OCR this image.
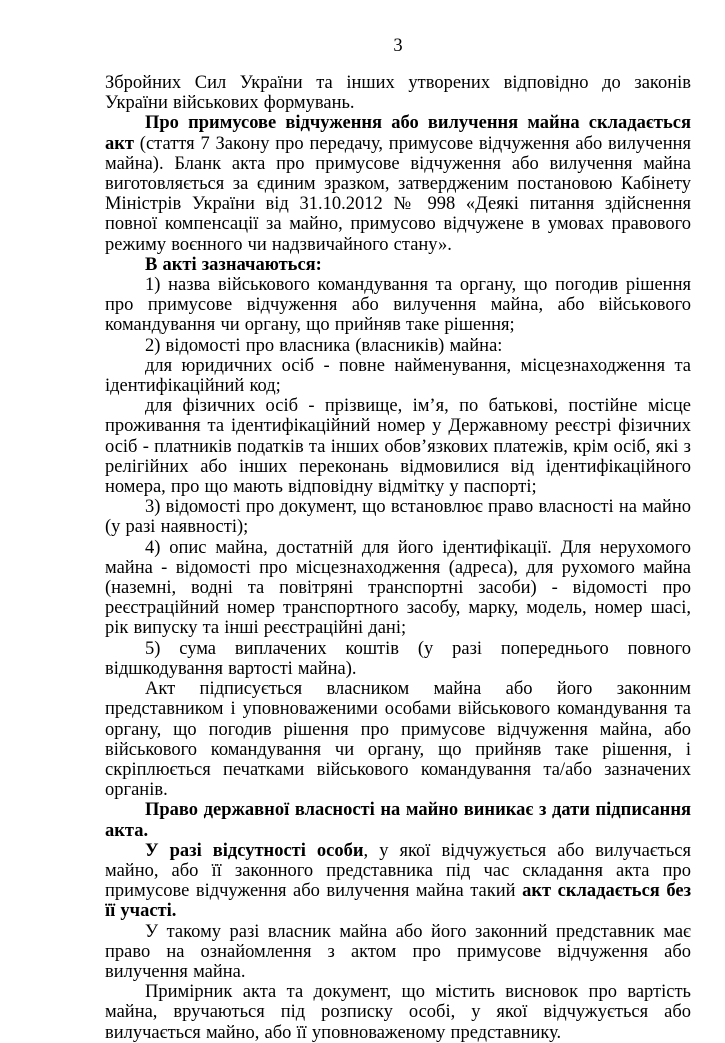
3

Збройних Сил України та інших утворених відповідно до законів України військових формувань.

Про примусове відчуження або вилучення майна складається акт (стаття 7 Закону про передачу, примусове відчуження або вилучення майна). Бланк акта про примусове відчуження або вилучення майна виготовляється за єдиним зразком, затвердженим постановою Кабінету Міністрів України від 31.10.2012 № 998 «Деякі питання здійснення повної компенсації за майно, примусово відчужене в умовах правового режиму воєнного чи надзвичайного стану».

В акті зазначаються:

1) назва військового командування та органу, що погодив рішення про примусове відчуження або вилучення майна, або військового командування чи органу, що прийняв таке рішення;

2) відомості про власника (власників) майна:

для юридичних осіб - повне найменування, місцезнаходження та ідентифікаційний код;

для фізичних осіб - прізвище, ім’я, по батькові, постійне місце проживання та ідентифікаційний номер у Державному реєстрі фізичних осіб - платників податків та інших обов’язкових платежів, крім осіб, які з релігійних або інших переконань відмовилися від ідентифікаційного номера, про що мають відповідну відмітку у паспорті;

3) відомості про документ, що встановлює право власності на майно (у разі наявності);

4) опис майна, достатній для його ідентифікації. Для нерухомого майна - відомості про місцезнаходження (адреса), для рухомого майна (наземні, водні та повітряні транспортні засоби) - відомості про реєстраційний номер транспортного засобу, марку, модель, номер шасі, рік випуску та інші реєстраційні дані;

5) сума виплачених коштів (у разі попереднього повного відшкодування вартості майна).

Акт підписується власником майна або його законним представником і уповноваженими особами військового командування та органу, що погодив рішення про примусове відчуження майна, або військового командування чи органу, що прийняв таке рішення, і скріплюється печатками військового командування та/або зазначених органів.

Право державної власності на майно виникає з дати підписання акта.

У разі відсутності особи, у якої відчужується або вилучається майно, або її законного представника під час складання акта про примусове відчуження або вилучення майна такий акт складається без її участі.

У такому разі власник майна або його законний представник має право на ознайомлення з актом про примусове відчуження або вилучення майна.

Примірник акта та документ, що містить висновок про вартість майна, вручаються під розписку особі, у якої відчужується або вилучається майно, або її уповноваженому представнику.
